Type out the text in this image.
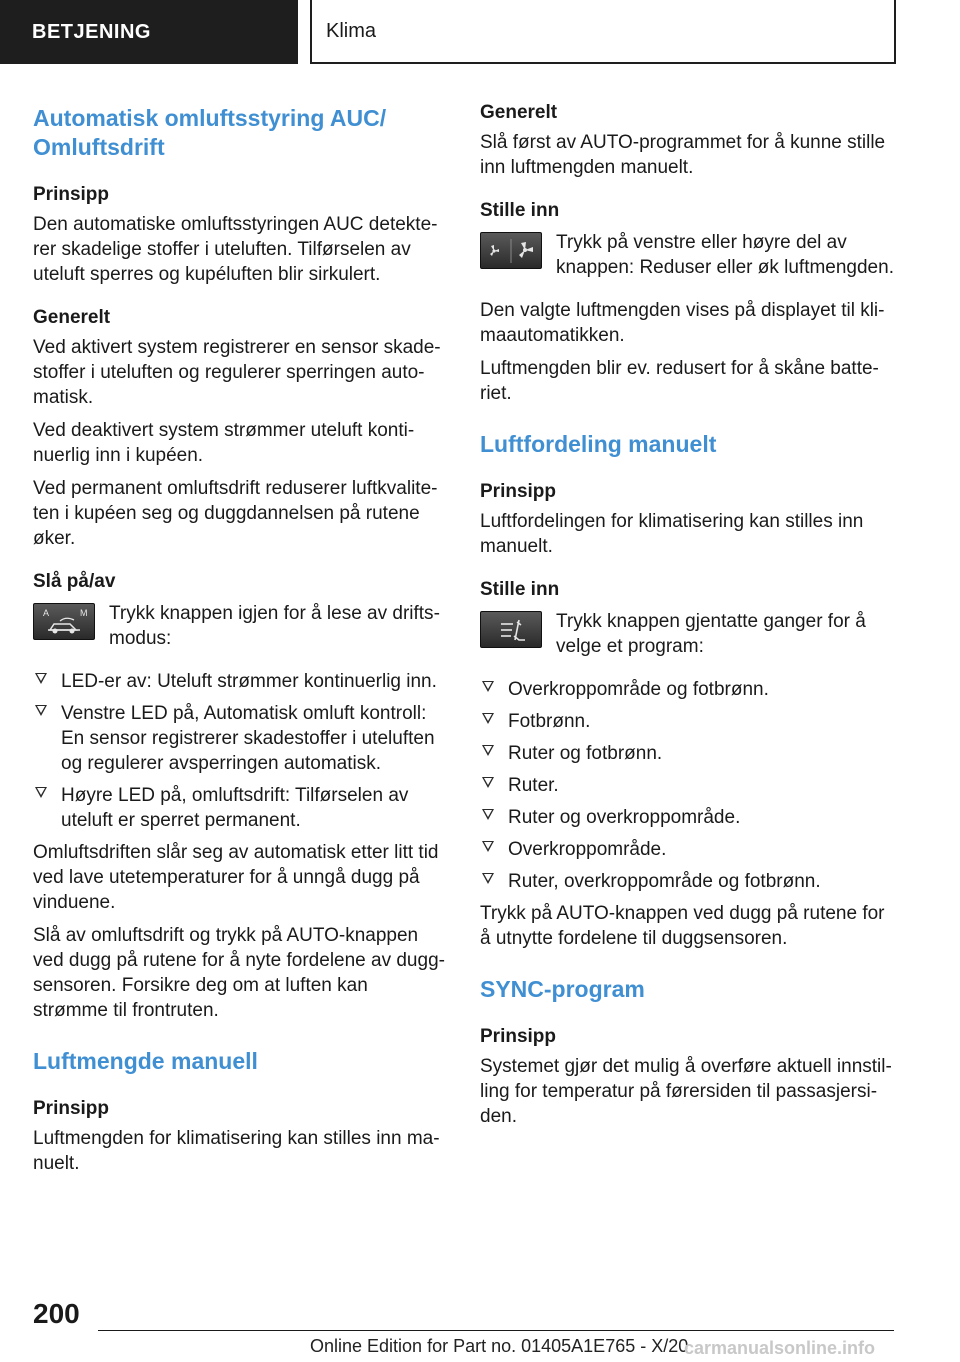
BETJENING	Klima
Automatisk omluftsstyring AUC/
Omluftsdrift
Prinsipp
Den automatiske omluftsstyringen AUC detekterer skadelige stoffer i uteluften. Tilførselen av uteluft sperres og kupéluften blir sirkulert.
Generelt
Ved aktivert system registrerer en sensor skadestoffer i uteluften og regulerer sperringen automatisk.
Ved deaktivert system strømmer uteluft kontinuerlig inn i kupéen.
Ved permanent omluftsdrift reduserer luftkvaliteten i kupéen seg og duggdannelsen på rutene øker.
Slå på/av
A	M Trykk knappen igjen for å lese av driftsmodus:
LED-er av: Uteluft strømmer kontinuerlig inn.
Venstre LED på, Automatisk omluft kontroll: En sensor registrerer skadestoffer i uteluften og regulerer avsperringen automatisk.
Høyre LED på, omluftsdrift: Tilførselen av uteluft er sperret permanent.
Omluftsdriften slår seg av automatisk etter litt tid ved lave utetemperaturer for å unngå dugg på vinduene.
Slå av omluftsdrift og trykk på AUTO-knappen ved dugg på rutene for å nyte fordelene av duggsensoren. Forsikre deg om at luften kan strømme til frontruten.
Luftmengde manuell
Prinsipp
Luftmengden for klimatisering kan stilles inn manuelt.
Generelt
Slå først av AUTO-programmet for å kunne stille inn luftmengden manuelt.
Stille inn
Trykk på venstre eller høyre del av knappen: Reduser eller øk luftmengden.
Den valgte luftmengden vises på displayet til klimaautomatikken.
Luftmengden blir ev. redusert for å skåne batteriet.
Luftfordeling manuelt
Prinsipp
Luftfordelingen for klimatisering kan stilles inn manuelt.
Stille inn
Trykk knappen gjentatte ganger for å velge et program:
Overkroppområde og fotbrønn.
Fotbrønn.
Ruter og fotbrønn.
Ruter.
Ruter og overkroppområde.
Overkroppområde.
Ruter, overkroppområde og fotbrønn.
Trykk på AUTO-knappen ved dugg på rutene for å utnytte fordelene til duggsensoren.
SYNC-program
Prinsipp
Systemet gjør det mulig å overføre aktuell innstilling for temperatur på førersiden til passasjersiden.
200
Online Edition for Part no. 01405A1E765 - X/20
carmanualsonline.info
